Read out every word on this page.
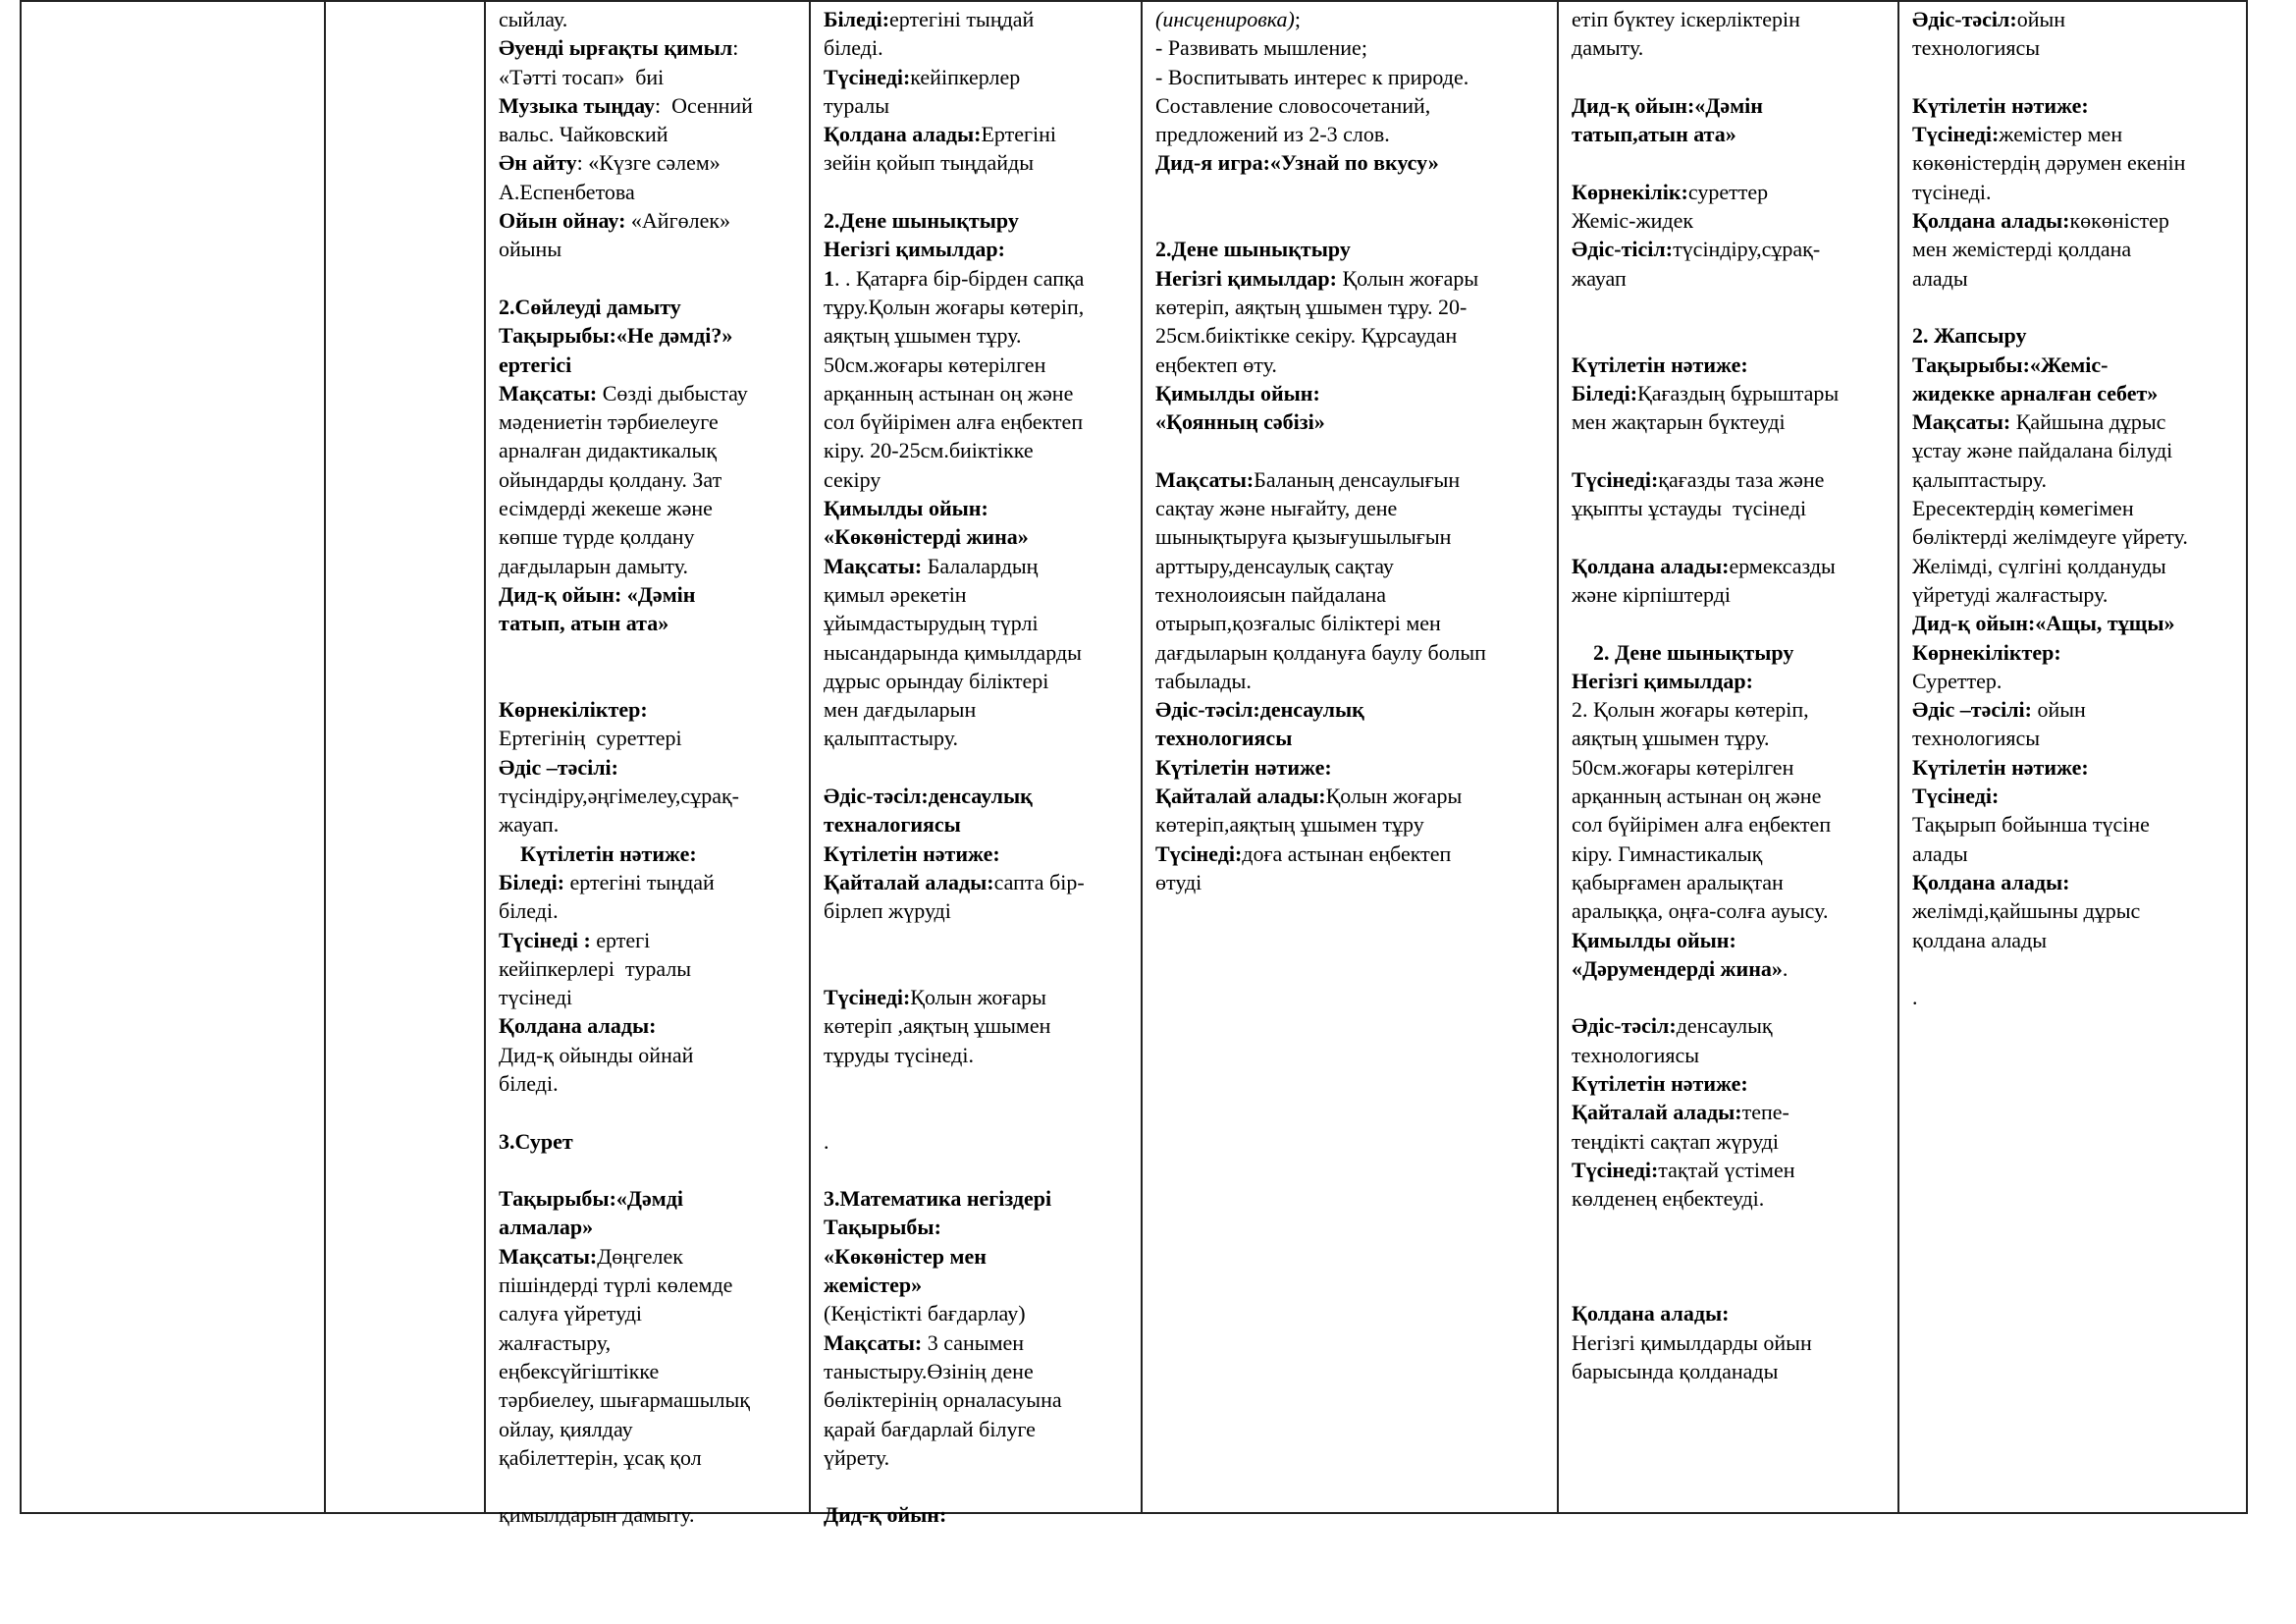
сыйлау.
Әуенді ырғақты қимыл:
«Тәтті тосап»  биі
Музыка тыңдау:  Осенний
вальс. Чайковский
Ән айту: «Күзге сәлем»
А.Еспенбетова
Ойын ойнау: «Айгөлек»
ойыны
2.Сөйлеуді дамыту
Тақырыбы:«Не дәмді?»
ертегісі
Мақсаты: Сөзді дыбыстау
мәдениетін тәрбиелеуге
арналған дидактикалық
ойындарды қолдану. Зат
есімдерді жекеше және
көпше түрде қолдану
дағдыларын дамыту.
Дид-қ ойын: «Дәмін
татып, атын ата»
Көрнекіліктер:
Ертегінің  суреттері
Әдіс –тәсілі:
түсіндіру,әңгімелеу,сұрақ-
жауап.
Күтілетін нәтиже:
Біледі: ертегіні тыңдай
біледі.
Түсінеді : ертегі
кейіпкерлері  туралы
түсінеді
Қолдана алады:
Дид-қ ойынды ойнай
біледі.
3.Сурет
Тақырыбы:«Дәмді
алмалар»
Мақсаты:Дөңгелек
пішіндерді түрлі көлемде
салуға үйретуді
жалғастыру,
еңбексүйгіштікке
тәрбиелеу, шығармашылық
ойлау, қиялдау
қабілеттерін, ұсақ қол
қимылдарын дамыту.
Біледі:ертегіні тыңдай
біледі.
Түсінеді:кейіпкерлер
туралы
Қолдана алады:Ертегіні
зейін қойып тыңдайды
2.Дене шынықтыру
Негізгі қимылдар:
1. . Қатарға бір-бірден сапқа
тұру.Қолын жоғары көтеріп,
аяқтың ұшымен тұру.
50см.жоғары көтерілген
арқанның астынан оң және
сол бүйірімен алға еңбектеп
кіру. 20-25см.биіктікке
секіру
Қимылды ойын:
«Көкөністерді жина»
Мақсаты: Балалардың
қимыл әрекетін
ұйымдастырудың түрлі
нысандарында қимылдарды
дұрыс орындау біліктері
мен дағдыларын
қалыптастыру.
Әдіс-тәсіл:денсаулық
техналогиясы
Күтілетін нәтиже:
Қайталай алады:сапта бір-
бірлеп жүруді
Түсінеді:Қолын жоғары
көтеріп ,аяқтың ұшымен
тұруды түсінеді.
.
3.Математика негіздері
Тақырыбы:
«Көкөністер мен
жемістер»
(Кеңістікті бағдарлау)
Мақсаты: 3 санымен
таныстыру.Өзінің дене
бөліктерінің орналасуына
қарай бағдарлай білуге
үйрету.
Дид-қ ойын:
(инсценировка);
- Развивать мышление;
- Воспитывать интерес к природе.
Составление словосочетаний,
предложений из 2-3 слов.
Дид-я игра:«Узнай по вкусу»
2.Дене шынықтыру
Негізгі қимылдар: Қолын жоғары
көтеріп, аяқтың ұшымен тұру. 20-
25см.биіктікке секіру. Құрсаудан
еңбектеп өту.
Қимылды ойын:
«Қоянның сәбізі»
Мақсаты:Баланың денсаулығын
сақтау және нығайту, дене
шынықтыруға қызығушылығын
арттыру,денсаулық сақтау
технолоиясын пайдалана
отырып,қозғалыс біліктері мен
дағдыларын қолдануға баулу болып
табылады.
Әдіс-тәсіл:денсаулық
технологиясы
Күтілетін нәтиже:
Қайталай алады:Қолын жоғары
көтеріп,аяқтың ұшымен тұру
Түсінеді:доға астынан еңбектеп
өтуді
етіп бүктеу іскерліктерін
дамыту.
Дид-қ ойын:«Дәмін
татып,атын ата»
Көрнекілік:суреттер
Жеміс-жидек
Әдіс-тісіл:түсіндіру,сұрақ-
жауап
Күтілетін нәтиже:
Біледі:Қағаздың бұрыштары
мен жақтарын бүктеуді
Түсінеді:қағазды таза және
ұқыпты ұстауды  түсінеді
Қолдана алады:ермексазды
және кірпіштерді
2. Дене шынықтыру
Негізгі қимылдар:
2. Қолын жоғары көтеріп,
аяқтың ұшымен тұру.
50см.жоғары көтерілген
арқанның астынан оң және
сол бүйірімен алға еңбектеп
кіру. Гимнастикалық
қабырғамен аралықтан
аралыққа, оңға-солға ауысу.
Қимылды ойын:
«Дәрумендерді жина».
Әдіс-тәсіл:денсаулық
технологиясы
Күтілетін нәтиже:
Қайталай алады:тепе-
теңдікті сақтап жүруді
Түсінеді:тақтай үстімен
көлденең еңбектеуді.
Қолдана алады:
Негізгі қимылдарды ойын
барысында қолданады
Әдіс-тәсіл:ойын
технологиясы
Күтілетін нәтиже:
Түсінеді:жемістер мен
көкөністердің дәрумен екенін
түсінеді.
Қолдана алады:көкөністер
мен жемістерді қолдана
алады
2. Жапсыру
Тақырыбы:«Жеміс-
жидекке арналған себет»
Мақсаты: Қайшына дұрыс
ұстау және пайдалана білуді
қалыптастыру.
Ересектердің көмегімен
бөліктерді желімдеуге үйрету.
Желімді, сүлгіні қолдануды
үйретуді жалғастыру.
Дид-қ ойын:«Ащы, тұщы»
Көрнекіліктер:
Суреттер.
Әдіс –тәсілі: ойын
технологиясы
Күтілетін нәтиже:
Түсінеді:
Тақырып бойынша түсіне
алады
Қолдана алады:
желімді,қайшыны дұрыс
қолдана алады
.
